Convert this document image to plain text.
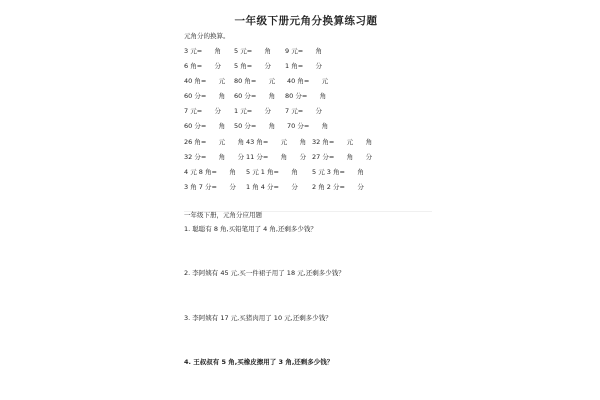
一年级下册元角分换算练习题
元角分的换算。

3 元=      角

5 元=      角

9 元=      角

6 角=      分

5 角=      分

1 角=      分

40 角=      元

80 角=      元

40 角=      元

60 分=      角

60 分=      角

80 分=      角

7 元=      分

1 元=      分

7 元=      分

60 分=      角

50 分=      角

70 分=      角

26 角=      元      角

43 角=      元      角

32 角=      元      角

32 分=      角      分

11 分=      角      分

27 分=      角      分

4 元 8 角=      角

5 元 1 角=      角

5 元 3 角=      角

3 角 7 分=      分

1 角 4 分=      分

2 角 2 分=      分

一年级下册，元角分应用题
1. 聪聪有 8 角,买铅笔用了 4 角,还剩多少钱？
2. 李阿姨有 45 元,买一件裙子用了 18 元,还剩多少钱？
3. 李阿姨有 17 元,买猪肉用了 10 元,还剩多少钱？
4. 王叔叔有 5 角,买橡皮擦用了 3 角,还剩多少钱？
